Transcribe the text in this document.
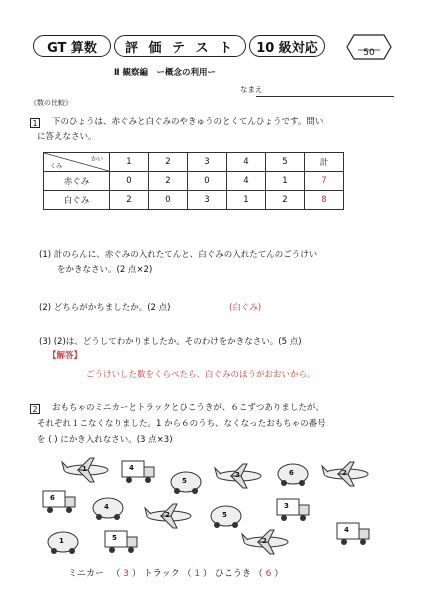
GT 算数 評 価 テ ス ト 10 級対応	50
Ⅱ 観察編　ー概念の利用ー
なまえ
《数の比較》
1 下のひょうは、赤ぐみと白ぐみのやきゅうのとくてんひょうです。問い
に答えなさい。
かい
くみ	1	2	3	4	5	計
赤ぐみ	0	2	0	4	1	7
白ぐみ	2	0	3	1	2	8
(1) 計のらんに、赤ぐみの入れたてんと、白ぐみの入れたてんのごうけい
をかきなさい。(2 点×2)
(2) どちらがかちましたか。(2 点)	(白ぐみ)
(3) (2)は、どうしてわかりましたか。そのわけをかきなさい。(5 点)
【解答】
ごうけいした数をくらべたら、白ぐみのほうがおおいから。
2 おもちゃのミニカーとトラックとひこうきが、６こずつありましたが、
それぞれ１こなくなりました。1 から６のうち、なくなったおもちゃの番号
を ( ) にかき入れなさい。(3 点×3)
1	4
5
3	6	2
6
4
2
3
5
1	5	2
4
ミニカー 　（ 3 ） トラック （ 1 ） ひこうき （ 6 ）
